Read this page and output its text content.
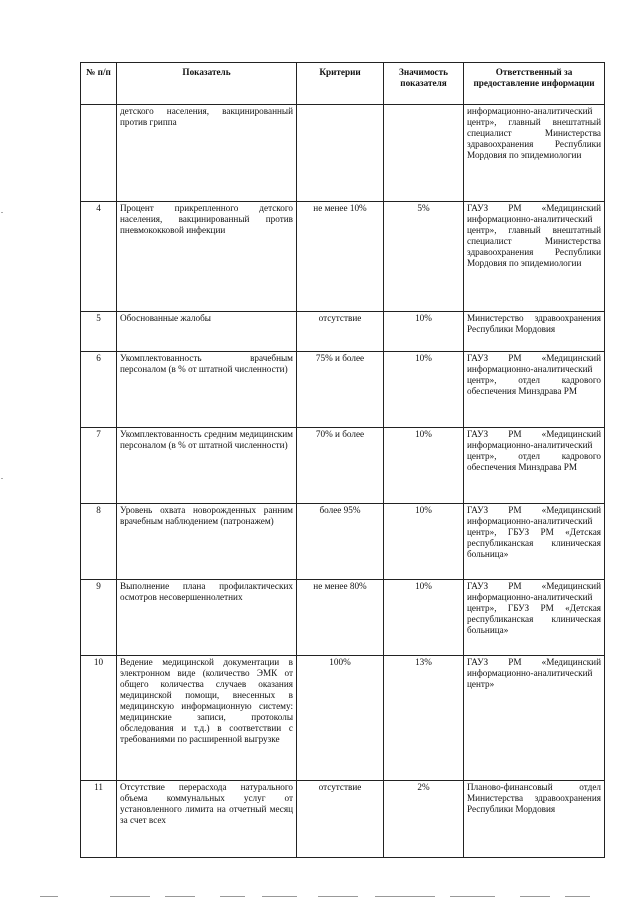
№ п/п	Показатель	Критерии	Значимость показателя	Ответственный за предоставление информации
	детского населения, вакцинированный против гриппа			информационно-аналитический центр», главный внештатный специалист Министерства здравоохранения Республики Мордовия по эпидемиологии
4	Процент прикрепленного детского населения, вакцинированный против пневмококковой инфекции	не менее 10%	5%	ГАУЗ РМ «Медицинский информационно-аналитический центр», главный внештатный специалист Министерства здравоохранения Республики Мордовия по эпидемиологии
5	Обоснованные жалобы	отсутствие	10%	Министерство здравоохранения Республики Мордовия
6	Укомплектованность врачебным персоналом (в % от штатной численности)	75% и более	10%	ГАУЗ РМ «Медицинский информационно-аналитический центр», отдел кадрового обеспечения Минздрава РМ
7	Укомплектованность средним медицинским персоналом (в % от штатной численности)	70% и более	10%	ГАУЗ РМ «Медицинский информационно-аналитический центр», отдел кадрового обеспечения Минздрава РМ
8	Уровень охвата новорожденных ранним врачебным наблюдением (патронажем)	более 95%	10%	ГАУЗ РМ «Медицинский информационно-аналитический центр», ГБУЗ РМ «Детская республиканская клиническая больница»
9	Выполнение плана профилактических осмотров несовершеннолетних	не менее 80%	10%	ГАУЗ РМ «Медицинский информационно-аналитический центр», ГБУЗ РМ «Детская республиканская клиническая больница»
10	Ведение медицинской документации в электронном виде (количество ЭМК от общего количества случаев оказания медицинской помощи, внесенных в медицинскую информационную систему: медицинские записи, протоколы обследования и т.д.) в соответствии с требованиями по расширенной выгрузке	100%	13%	ГАУЗ РМ «Медицинский информационно-аналитический центр»
11	Отсутствие перерасхода натурального объема коммунальных услуг от установленного лимита на отчетный месяц за счет всех	отсутствие	2%	Планово-финансовый отдел Министерства здравоохранения Республики Мордовия
